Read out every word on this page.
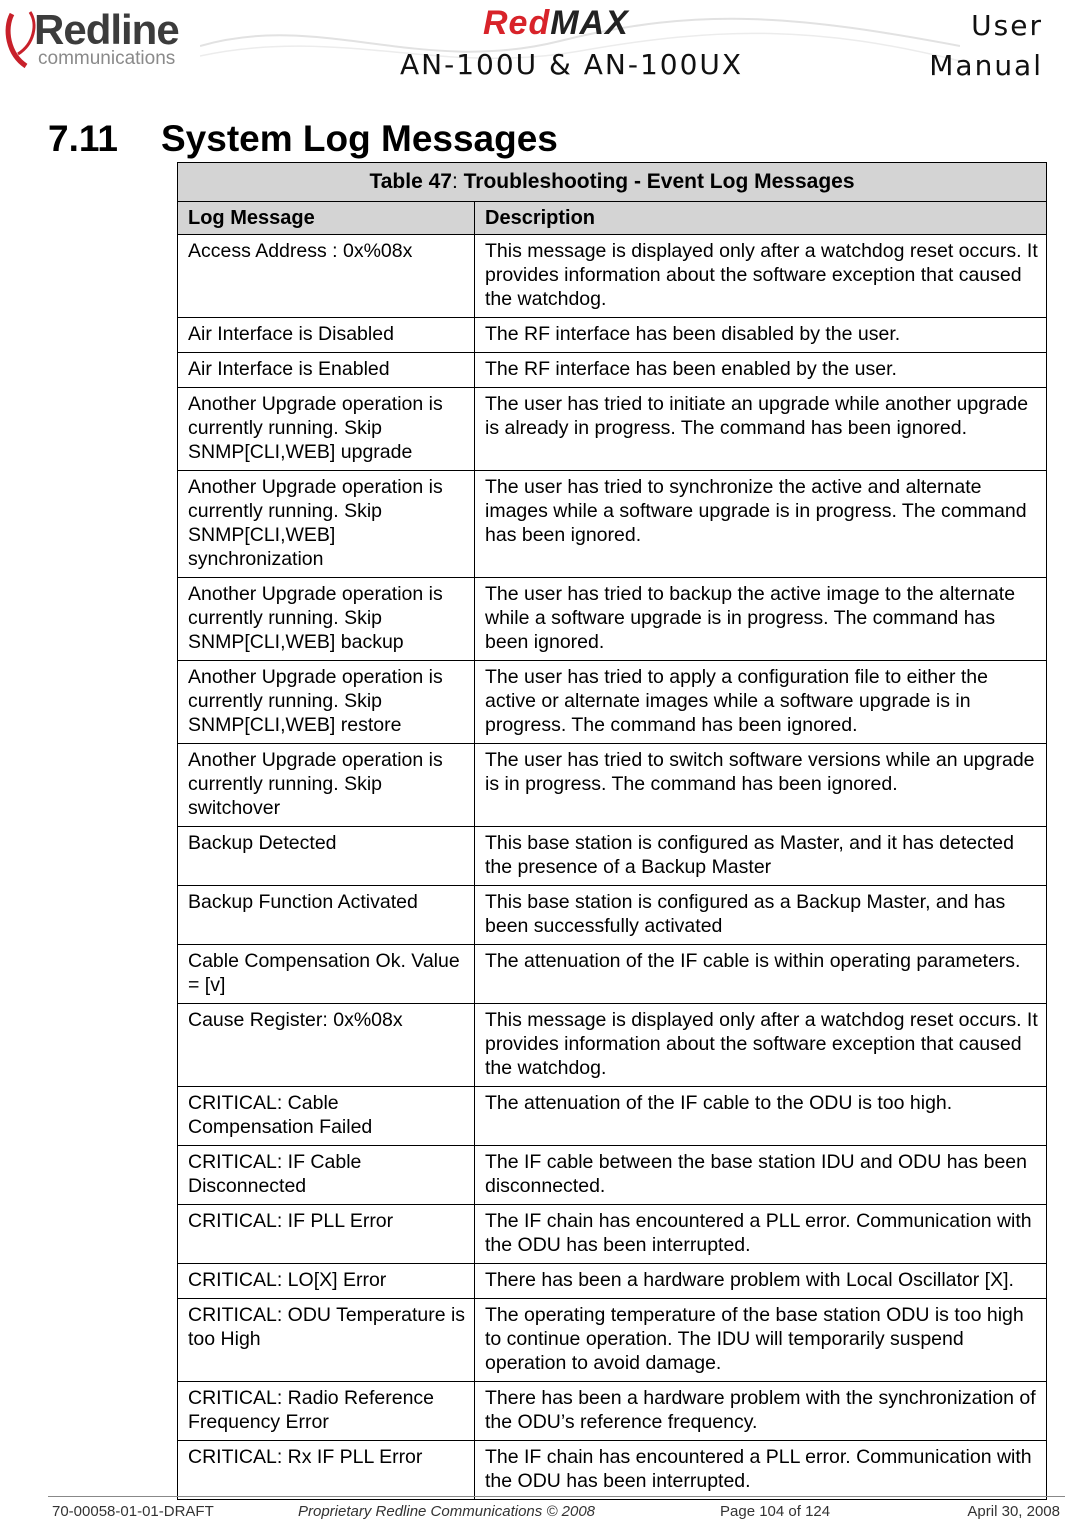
Redline
communications
RedMAX
AN-100U & AN-100UX
User
Manual
7.11 System Log Messages
Table 47: Troubleshooting - Event Log Messages	
Log Message	Description
Access Address : 0x%08x	This message is displayed only after a watchdog reset occurs. It provides information about the software exception that caused the watchdog.
Air Interface is Disabled	The RF interface has been disabled by the user.
Air Interface is Enabled	The RF interface has been enabled by the user.
Another Upgrade operation is currently running. Skip SNMP[CLI,WEB] upgrade	The user has tried to initiate an upgrade while another upgrade is already in progress. The command has been ignored.
Another Upgrade operation is currently running. Skip SNMP[CLI,WEB] synchronization	The user has tried to synchronize the active and alternate images while a software upgrade is in progress. The command has been ignored.
Another Upgrade operation is currently running. Skip SNMP[CLI,WEB] backup	The user has tried to backup the active image to the alternate while a software upgrade is in progress. The command has been ignored.
Another Upgrade operation is currently running. Skip SNMP[CLI,WEB] restore	The user has tried to apply a configuration file to either the active or alternate images while a software upgrade is in progress. The command has been ignored.
Another Upgrade operation is currently running. Skip switchover	The user has tried to switch software versions while an upgrade is in progress. The command has been ignored.
Backup Detected	This base station is configured as Master, and it has detected the presence of a Backup Master
Backup Function Activated	This base station is configured as a Backup Master, and has been successfully activated
Cable Compensation Ok. Value = [v]	The attenuation of the IF cable is within operating parameters.
Cause Register: 0x%08x	This message is displayed only after a watchdog reset occurs. It provides information about the software exception that caused the watchdog.
CRITICAL: Cable Compensation Failed	The attenuation of the IF cable to the ODU is too high.
CRITICAL: IF Cable Disconnected	The IF cable between the base station IDU and ODU has been disconnected.
CRITICAL: IF PLL Error	The IF chain has encountered a PLL error. Communication with the ODU has been interrupted.
CRITICAL: LO[X] Error	There has been a hardware problem with Local Oscillator [X].
CRITICAL: ODU Temperature is too High	The operating temperature of the base station ODU is too high to continue operation. The IDU will temporarily suspend operation to avoid damage.
CRITICAL: Radio Reference Frequency Error	There has been a hardware problem with the synchronization of the ODU’s reference frequency.
CRITICAL: Rx IF PLL Error	The IF chain has encountered a PLL error. Communication with the ODU has been interrupted.
70-00058-01-01-DRAFT	Proprietary Redline Communications © 2008	Page 104 of 124	April 30, 2008
